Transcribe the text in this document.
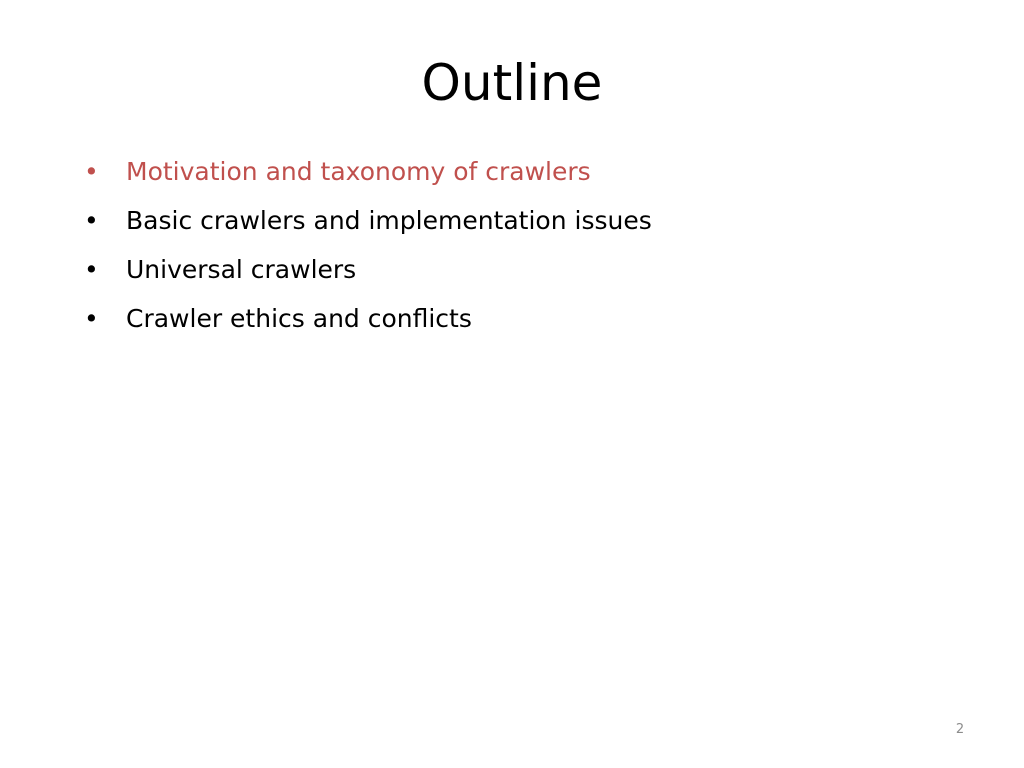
Outline
• Motivation and taxonomy of crawlers
• Basic crawlers and implementation issues
• Universal crawlers
• Crawler ethics and conflicts
2
